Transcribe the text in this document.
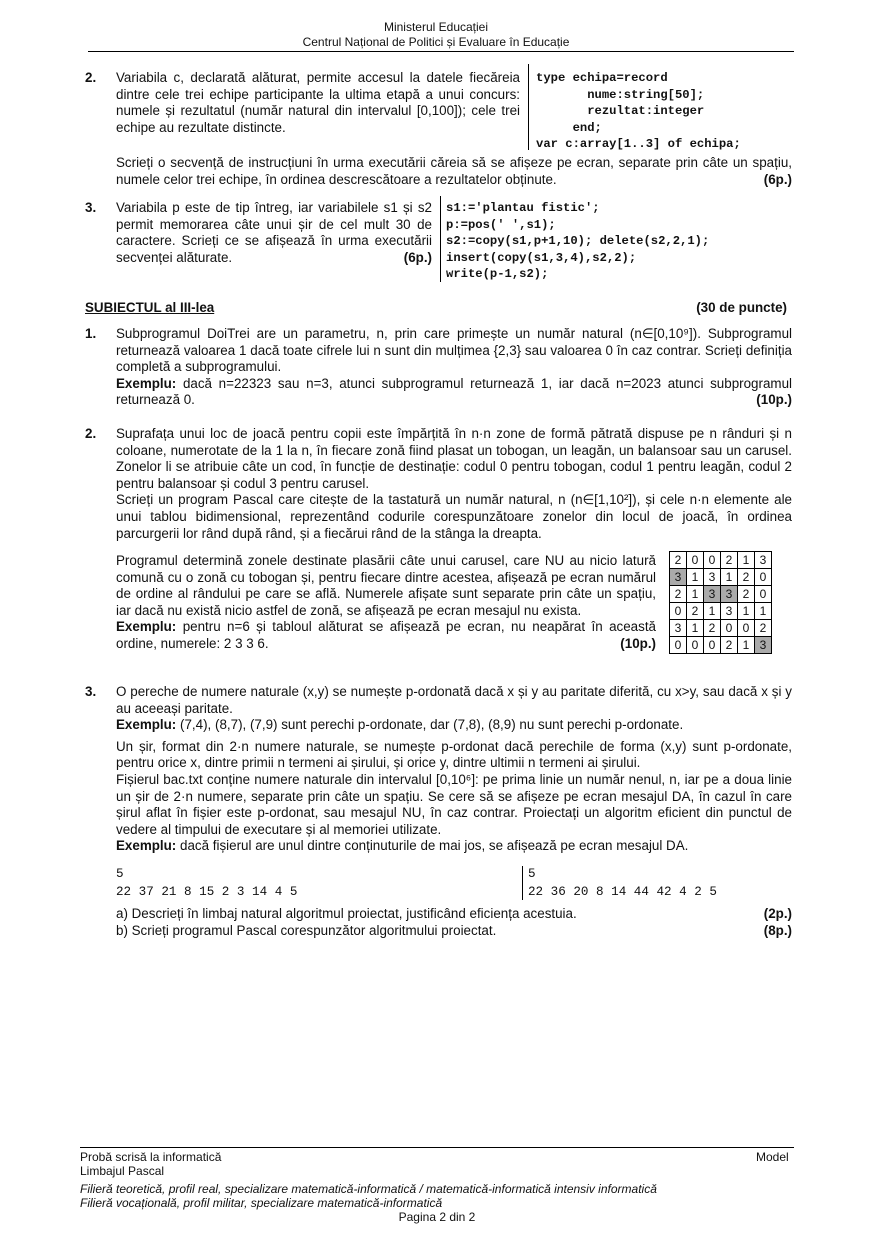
Ministerul Educației
Centrul Național de Politici și Evaluare în Educație
2. Variabila c, declarată alăturat, permite accesul la datele fiecăreia dintre cele trei echipe participante la ultima etapă a unui concurs: numele și rezultatul (număr natural din intervalul [0,100]); cele trei echipe au rezultate distincte.
type echipa=record
nume:string[50];
rezultat:integer
end;
var c:array[1..3] of echipa;
Scrieți o secvență de instrucțiuni în urma executării căreia să se afișeze pe ecran, separate prin câte un spațiu, numele celor trei echipe, în ordinea descrescătoare a rezultatelor obținute.	(6p.)
3. Variabila p este de tip întreg, iar variabilele s1 și s2 permit memorarea câte unui șir de cel mult 30 de caractere. Scrieți ce se afișează în urma executării secvenței alăturate.	(6p.)
s1:='plantau fistic';
p:=pos(' ',s1);
s2:=copy(s1,p+1,10); delete(s2,2,1);
insert(copy(s1,3,4),s2,2);
write(p-1,s2);
SUBIECTUL al III-lea	(30 de puncte)
1. Subprogramul DoiTrei are un parametru, n, prin care primește un număr natural (n∈[0,10⁹]). Subprogramul returnează valoarea 1 dacă toate cifrele lui n sunt din mulțimea {2,3} sau valoarea 0 în caz contrar. Scrieți definiția completă a subprogramului.

Exemplu: dacă n=22323 sau n=3, atunci subprogramul returnează 1, iar dacă n=2023 atunci subprogramul returnează 0.	(10p.)

2. Suprafața unui loc de joacă pentru copii este împărțită în n·n zone de formă pătrată dispuse pe n rânduri și n coloane, numerotate de la 1 la n, în fiecare zonă fiind plasat un tobogan, un leagăn, un balansoar sau un carusel. Zonelor li se atribuie câte un cod, în funcție de destinație: codul 0 pentru tobogan, codul 1 pentru leagăn, codul 2 pentru balansoar și codul 3 pentru carusel.

Scrieți un program Pascal care citește de la tastatură un număr natural, n (n∈[1,10²]), și cele n·n elemente ale unui tablou bidimensional, reprezentând codurile corespunzătoare zonelor din locul de joacă, în ordinea parcurgerii lor rând după rând, și a fiecărui rând de la stânga la dreapta.

Programul determină zonele destinate plasării câte unui carusel, care NU au nicio latură comună cu o zonă cu tobogan și, pentru fiecare dintre acestea, afișează pe ecran numărul de ordine al rândului pe care se află. Numerele afișate sunt separate prin câte un spațiu, iar dacă nu există nicio astfel de zonă, se afișează pe ecran mesajul nu exista.

Exemplu: pentru n=6 și tabloul alăturat se afișează pe ecran, nu neapărat în această ordine, numerele: 2 3 3 6.	(10p.)

2	0	0	2	1	3
3	1	3	1	2	0
2	1	3	3	2	0
0	2	1	3	1	1
3	1	2	0	0	2
0	0	0	2	1	3
3. O pereche de numere naturale (x,y) se numește p-ordonată dacă x și y au paritate diferită, cu x>y, sau dacă x și y au aceeași paritate.

Exemplu: (7,4), (8,7), (7,9) sunt perechi p-ordonate, dar (7,8), (8,9) nu sunt perechi p-ordonate.

Un șir, format din 2·n numere naturale, se numește p-ordonat dacă perechile de forma (x,y) sunt p-ordonate, pentru orice x, dintre primii n termeni ai șirului, și orice y, dintre ultimii n termeni ai șirului.

Fișierul bac.txt conține numere naturale din intervalul [0,10⁶]: pe prima linie un număr nenul, n, iar pe a doua linie un șir de 2·n numere, separate prin câte un spațiu. Se cere să se afișeze pe ecran mesajul DA, în cazul în care șirul aflat în fișier este p-ordonat, sau mesajul NU, în caz contrar. Proiectați un algoritm eficient din punctul de vedere al timpului de executare și al memoriei utilizate.

Exemplu: dacă fișierul are unul dintre conținuturile de mai jos, se afișează pe ecran mesajul DA.

5
22 37 21 8 15 2 3 14 4 5
5
22 36 20 8 14 44 42 4 2 5
a) Descrieți în limbaj natural algoritmul proiectat, justificând eficiența acestuia.	(2p.)
b) Scrieți programul Pascal corespunzător algoritmului proiectat.	(8p.)
Probă scrisă la informatică	Model
Limbajul Pascal
Filieră teoretică, profil real, specializare matematică-informatică / matematică-informatică intensiv informatică
Filieră vocațională, profil militar, specializare matematică-informatică
Pagina 2 din 2
